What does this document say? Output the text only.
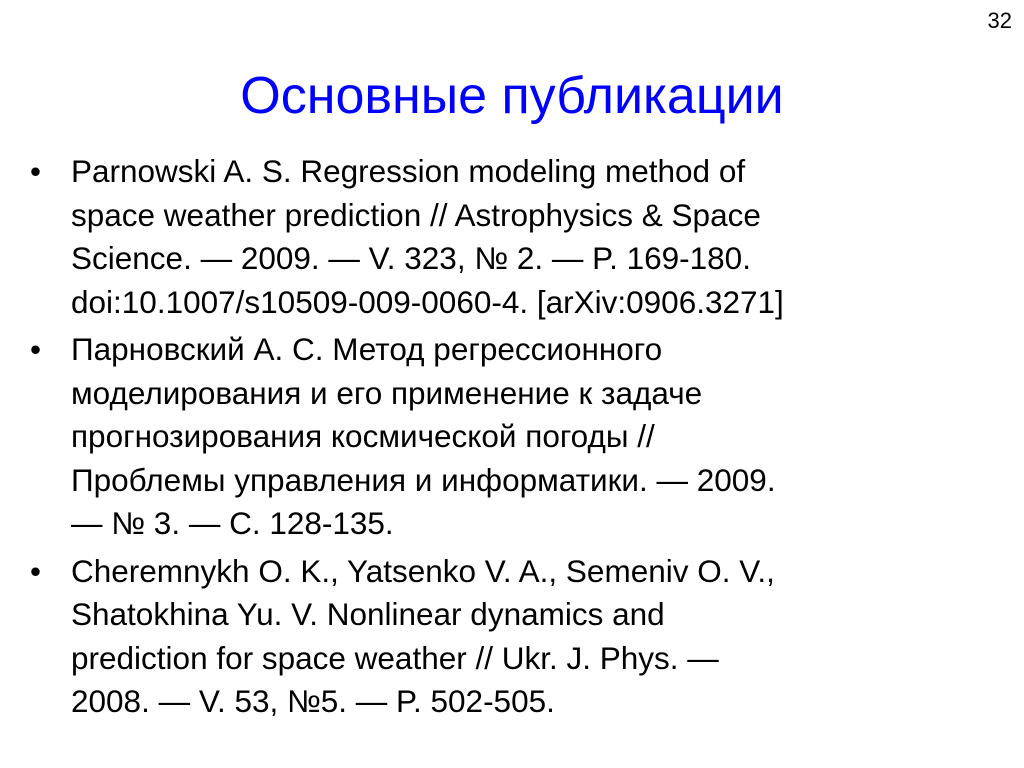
32
Основные публикации
• Parnowski A. S. Regression modeling method of
space weather prediction // Astrophysics & Space
Science. — 2009. — V. 323, № 2. — P. 169-180.
doi:10.1007/s10509-009-0060-4. [arXiv:0906.3271]
• Парновский А. С. Метод регрессионного
моделирования и его применение к задаче
прогнозирования космической погоды //
Проблемы управления и информатики. — 2009.
— № 3. — С. 128-135.
• Cheremnykh O. K., Yatsenko V. A., Semeniv O. V.,
Shatokhina Yu. V. Nonlinear dynamics and
prediction for space weather // Ukr. J. Phys. —
2008. — V. 53, №5. — P. 502-505.
